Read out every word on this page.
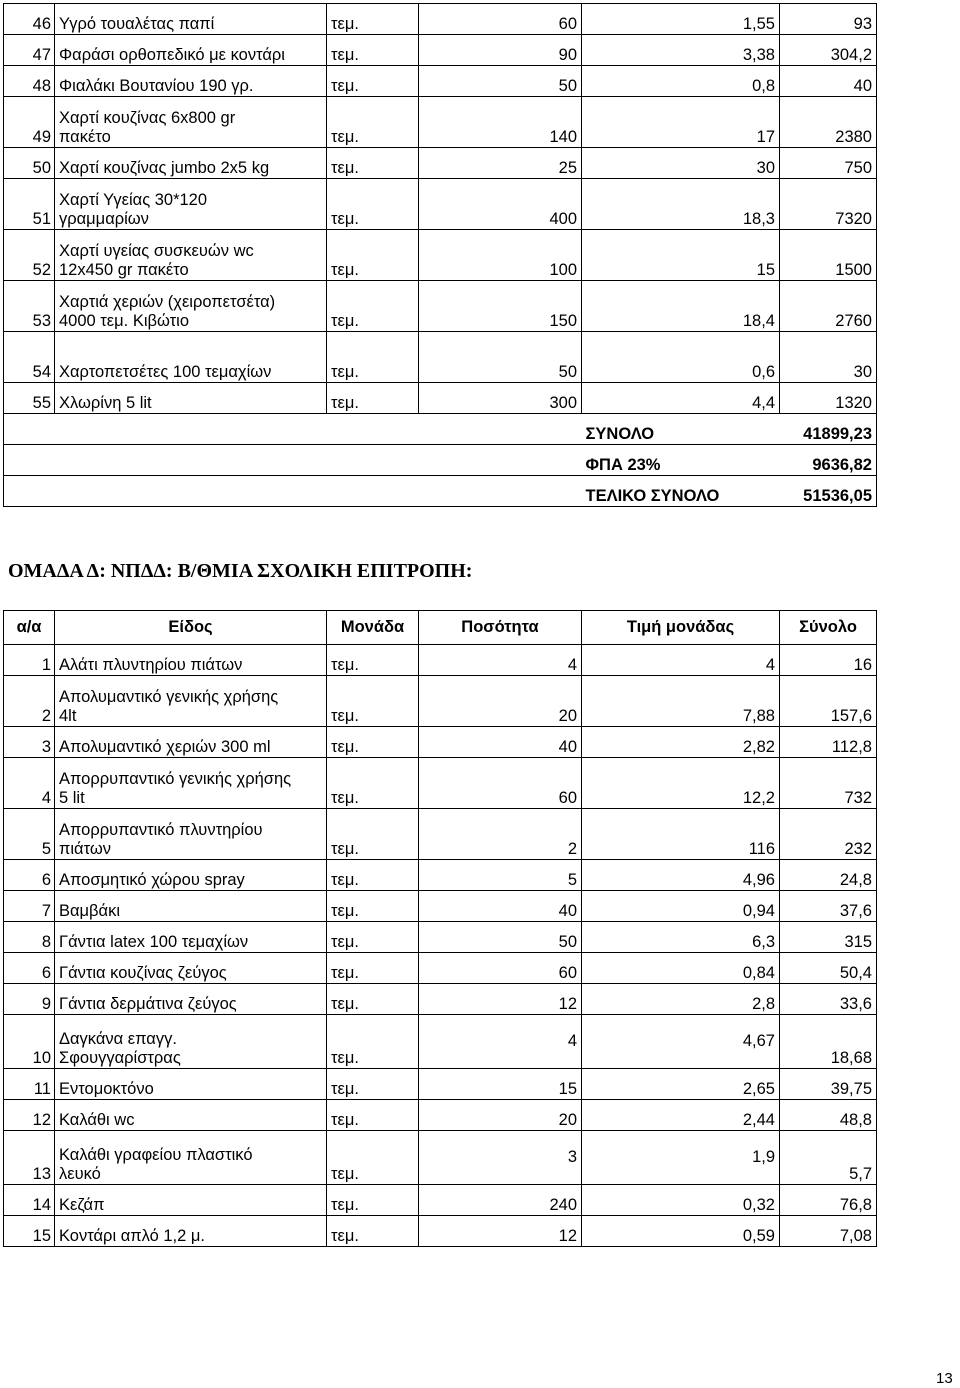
46	Υγρό τουαλέτας παπί	τεμ.	60	1,55	93
47	Φαράσι ορθοπεδικό με κοντάρι	τεμ.	90	3,38	304,2
48	Φιαλάκι Βουτανίου 190 γρ.	τεμ.	50	0,8	40
49	Χαρτί κουζίνας 6x800 gr
πακέτο	τεμ.	140	17	2380
50	Χαρτί κουζίνας jumbo 2x5 kg	τεμ.	25	30	750
51	Χαρτί Υγείας 30*120
γραμμαρίων	τεμ.	400	18,3	7320
52	Χαρτί υγείας συσκευών wc
12x450 gr πακέτο	τεμ.	100	15	1500
53	Χαρτιά χεριών (χειροπετσέτα)
4000 τεμ. Κιβώτιο	τεμ.	150	18,4	2760
54	Χαρτοπετσέτες 100 τεμαχίων	τεμ.	50	0,6	30
55	Χλωρίνη 5 lit	τεμ.	300	4,4	1320
				ΣΥΝΟΛΟ	41899,23
				ΦΠΑ 23%	9636,82
				ΤΕΛΙΚΟ ΣΥΝΟΛΟ	51536,05
ΟΜΑΔΑ Δ: ΝΠΔΔ: Β/ΘΜΙΑ ΣΧΟΛΙΚΗ ΕΠΙΤΡΟΠΗ:
α/α	Είδος	Μονάδα	Ποσότητα	Τιμή μονάδας	Σύνολο
1	Αλάτι πλυντηρίου πιάτων	τεμ.	4	4	16
2	Απολυμαντικό γενικής χρήσης
4lt	τεμ.	20	7,88	157,6
3	Απολυμαντικό χεριών 300 ml	τεμ.	40	2,82	112,8
4	Απορρυπαντικό γενικής χρήσης
5 lit	τεμ.	60	12,2	732
5	Απορρυπαντικό πλυντηρίου
πιάτων	τεμ.	2	116	232
6	Αποσμητικό χώρου spray	τεμ.	5	4,96	24,8
7	Βαμβάκι	τεμ.	40	0,94	37,6
8	Γάντια latex 100 τεμαχίων	τεμ.	50	6,3	315
6	Γάντια κουζίνας ζεύγος	τεμ.	60	0,84	50,4
9	Γάντια δερμάτινα ζεύγος	τεμ.	12	2,8	33,6
10	Δαγκάνα επαγγ.
Σφουγγαρίστρας	τεμ.	4	4,67	18,68
11	Εντομοκτόνο	τεμ.	15	2,65	39,75
12	Καλάθι wc	τεμ.	20	2,44	48,8
13	Καλάθι γραφείου πλαστικό
λευκό	τεμ.	3	1,9	5,7
14	Κεζάπ	τεμ.	240	0,32	76,8
15	Κοντάρι απλό 1,2 μ.	τεμ.	12	0,59	7,08
13
